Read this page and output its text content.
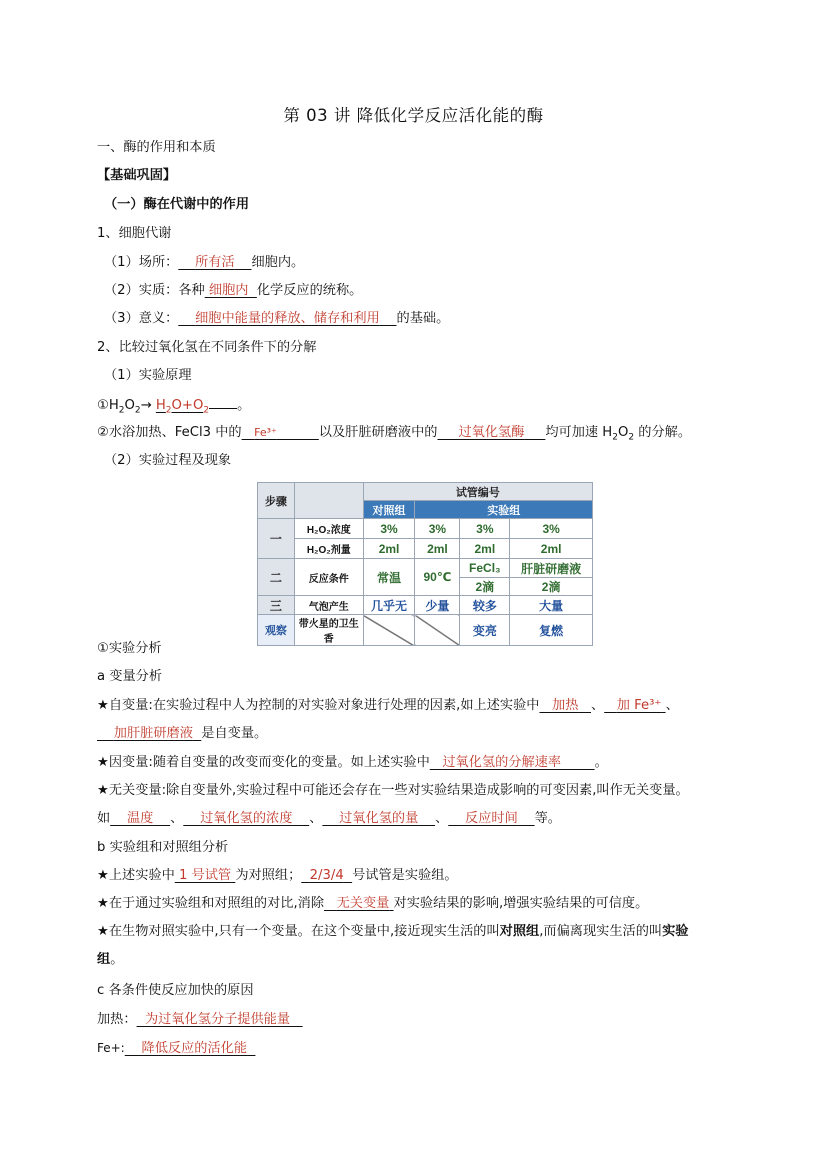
第 03 讲 降低化学反应活化能的酶
一、酶的作用和本质
【基础巩固】
（一）酶在代谢中的作用
1、细胞代谢
（1）场所： 所有活 细胞内。
（2）实质：各种 细胞内 化学反应的统称。
（3）意义： 细胞中能量的释放、储存和利用 的基础。
2、比较过氧化氢在不同条件下的分解
（1）实验原理
$①H_2O_2\to H_2O+O_2$ 。
②水浴加热、FeCl3 中的 Fe³⁺	以及肝脏研磨液中的 过氧化氢酶 均可加速 $H_2O_2$ 的分解。
（2）实验过程及现象
步骤		试管编号			
		对照组	实验组		
一	H₂O₂浓度	3%	3%	3%	3%
	H₂O₂剂量	2ml	2ml	2ml	2ml
二	反应条件	常温	90℃	FeCl₃	肝脏研磨液
				2滴	2滴
三	气泡产生	几乎无	少量	较多	大量
观察	带火星的卫生香			变亮	复燃
①实验分析
a 变量分析
★自变量:在实验过程中人为控制的对实验对象进行处理的因素,如上述实验中 加热 、 加 Fe³⁺ 、
加肝脏研磨液 是自变量。
★因变量:随着自变量的改变而变化的变量。如上述实验中 过氧化氢的分解速率	。
★无关变量:除自变量外,实验过程中可能还会存在一些对实验结果造成影响的可变因素,叫作无关变量。
如 温度 、 过氧化氢的浓度 、 过氧化氢的量 、 反应时间 等。
b 实验组和对照组分析
★上述实验中 1 号试管 为对照组； 2/3/4 号试管是实验组。
★在于通过实验组和对照组的对比,消除 无关变量 对实验结果的影响,增强实验结果的可信度。
★在生物对照实验中,只有一个变量。在这个变量中,接近现实生活的叫对照组,而偏离现实生活的叫实验
组。
c 各条件使反应加快的原因
加热： 为过氧化氢分子提供能量
Fe+: 降低反应的活化能
